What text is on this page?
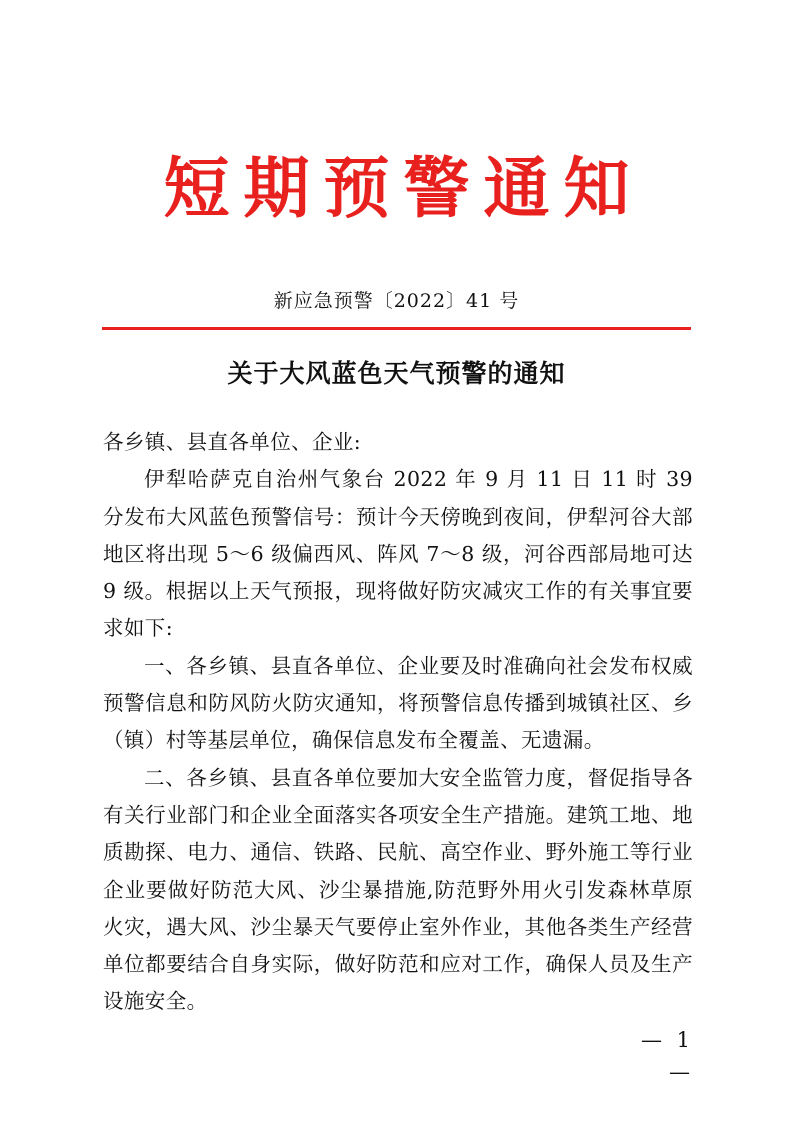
短期预警通知
新应急预警〔2022〕41 号
关于大风蓝色天气预警的通知

各乡镇、县直各单位、企业:

伊犁哈萨克自治州气象台 2022 年 9 月 11 日 11 时 39 分发布大风蓝色预警信号：预计今天傍晚到夜间，伊犁河谷大部地区将出现 5～6 级偏西风、阵风 7～8 级，河谷西部局地可达 9 级。根据以上天气预报，现将做好防灾减灾工作的有关事宜要求如下:

一、各乡镇、县直各单位、企业要及时准确向社会发布权威预警信息和防风防火防灾通知，将预警信息传播到城镇社区、乡（镇）村等基层单位，确保信息发布全覆盖、无遗漏。

二、各乡镇、县直各单位要加大安全监管力度，督促指导各有关行业部门和企业全面落实各项安全生产措施。建筑工地、地质勘探、电力、通信、铁路、民航、高空作业、野外施工等行业企业要做好防范大风、沙尘暴措施,防范野外用火引发森林草原火灾，遇大风、沙尘暴天气要停止室外作业，其他各类生产经营单位都要结合自身实际，做好防范和应对工作，确保人员及生产设施安全。

— 1 —
